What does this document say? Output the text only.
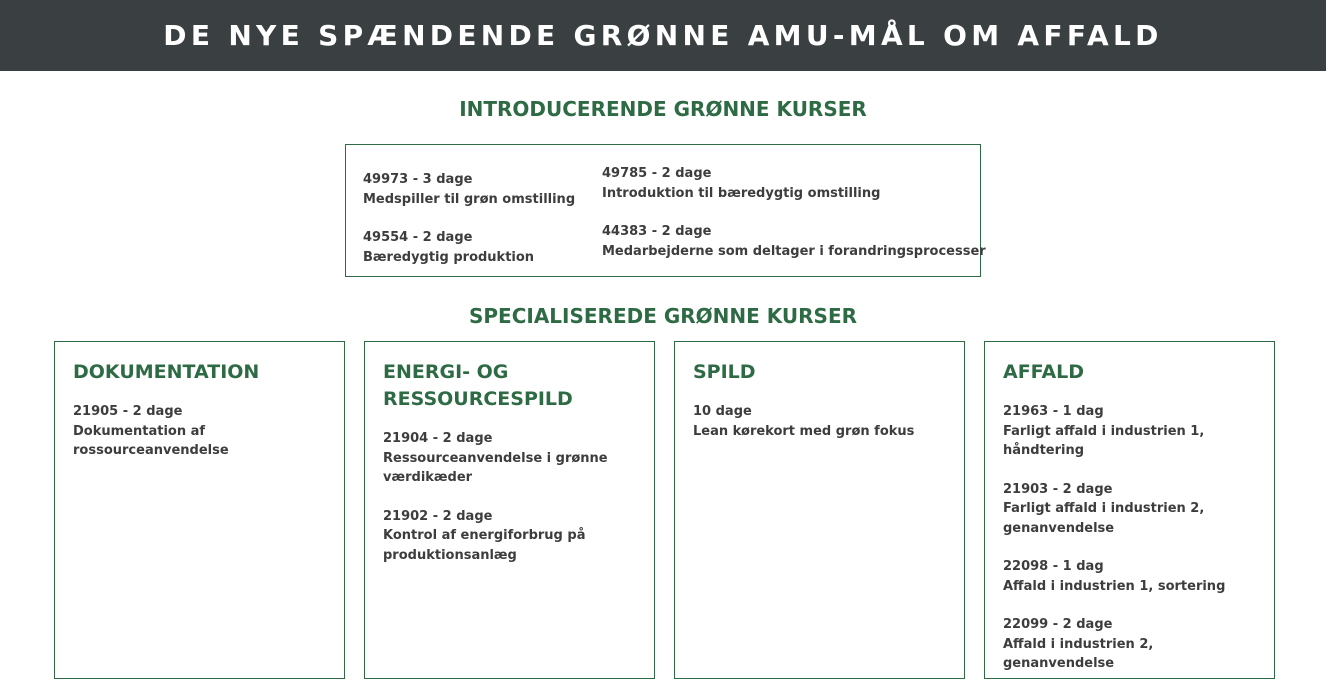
DE NYE SPÆNDENDE GRØNNE AMU-MÅL OM AFFALD
INTRODUCERENDE GRØNNE KURSER
49973 - 3 dage
Medspiller til grøn omstilling
49554 - 2 dage
Bæredygtig produktion
49785 - 2 dage
Introduktion til bæredygtig omstilling
44383 - 2 dage
Medarbejderne som deltager i forandringsprocesser
SPECIALISEREDE GRØNNE KURSER
DOKUMENTATION
21905 - 2 dage
Dokumentation af rossourceanvendelse
ENERGI- OG RESSOURCESPILD
21904 - 2 dage
Ressourceanvendelse i grønne værdikæder
21902 - 2 dage
Kontrol af energiforbrug på produktionsanlæg
SPILD
10 dage
Lean kørekort med grøn fokus
AFFALD
21963 - 1 dag
Farligt affald i industrien 1, håndtering
21903 - 2 dage
Farligt affald i industrien 2, genanvendelse
22098 - 1 dag
Affald i industrien 1, sortering
22099 - 2 dage
Affald i industrien 2, genanvendelse
